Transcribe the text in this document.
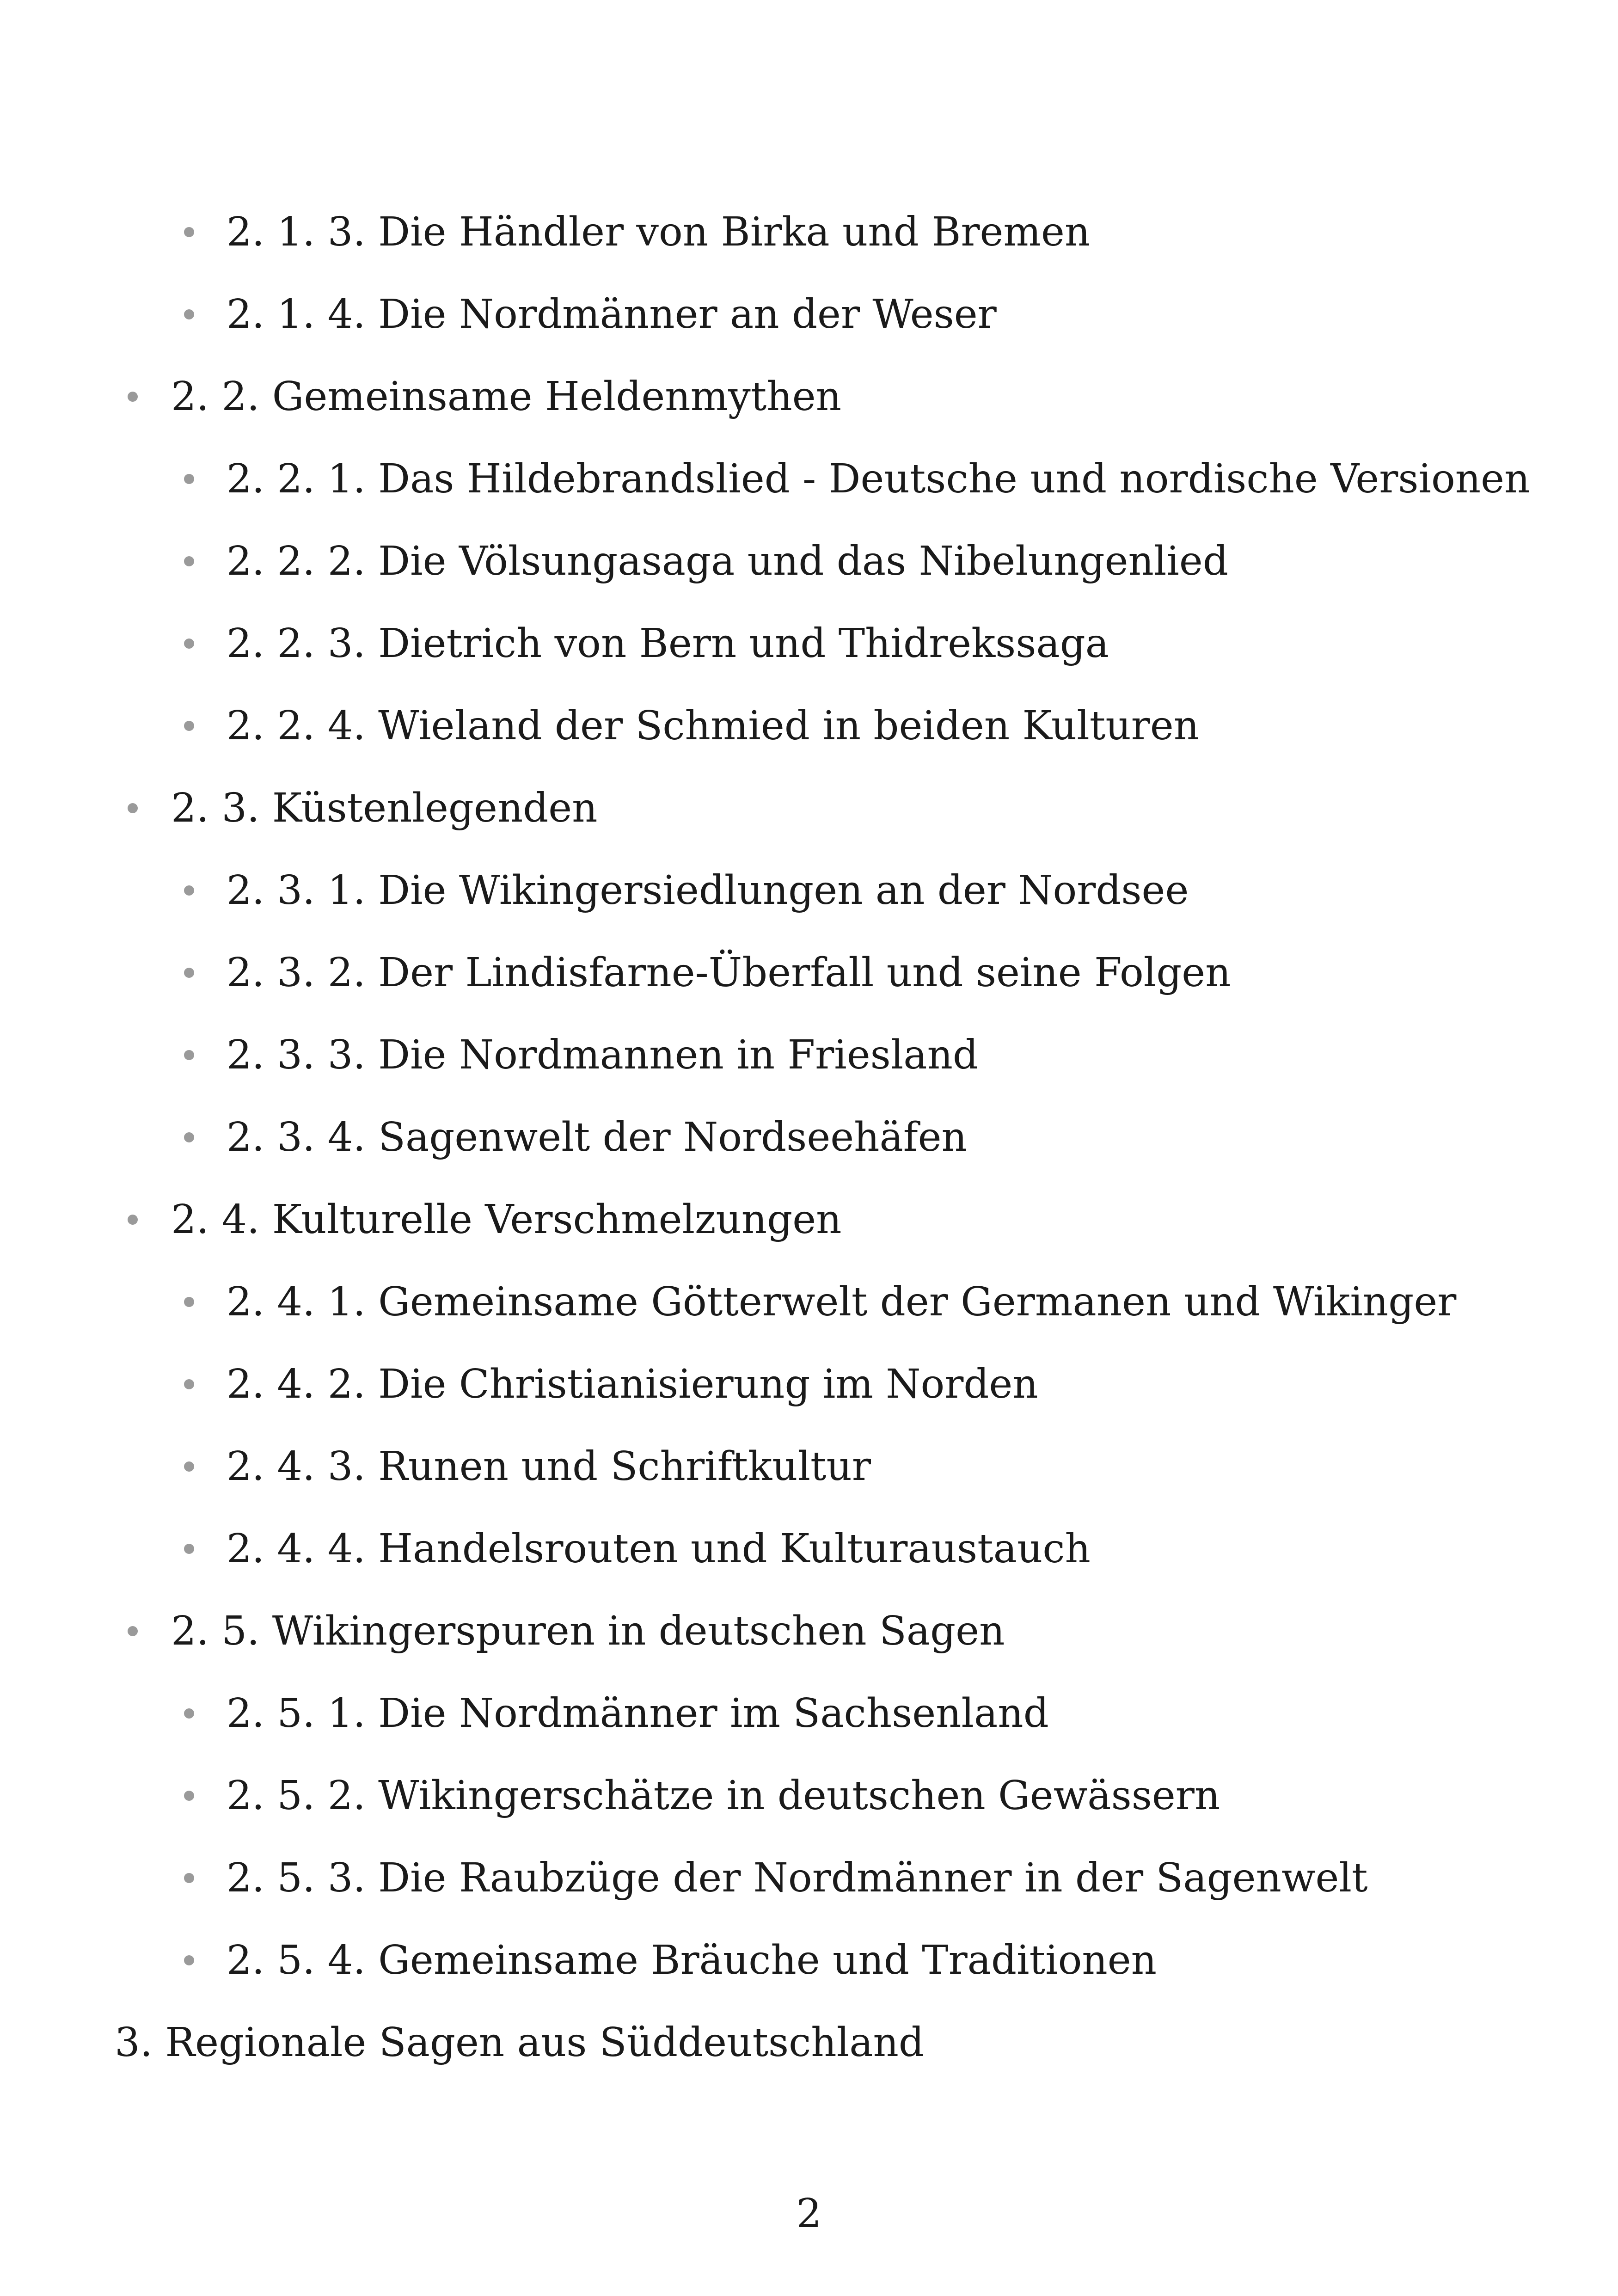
2. 1. 3. Die Händler von Birka und Bremen
2. 1. 4. Die Nordmänner an der Weser
2. 2. Gemeinsame Heldenmythen
2. 2. 1. Das Hildebrandslied - Deutsche und nordische Versionen
2. 2. 2. Die Völsungasaga und das Nibelungenlied
2. 2. 3. Dietrich von Bern und Thidrekssaga
2. 2. 4. Wieland der Schmied in beiden Kulturen
2. 3. Küstenlegenden
2. 3. 1. Die Wikingersiedlungen an der Nordsee
2. 3. 2. Der Lindisfarne-Überfall und seine Folgen
2. 3. 3. Die Nordmannen in Friesland
2. 3. 4. Sagenwelt der Nordseehäfen
2. 4. Kulturelle Verschmelzungen
2. 4. 1. Gemeinsame Götterwelt der Germanen und Wikinger
2. 4. 2. Die Christianisierung im Norden
2. 4. 3. Runen und Schriftkultur
2. 4. 4. Handelsrouten und Kulturaustauch
2. 5. Wikingerspuren in deutschen Sagen
2. 5. 1. Die Nordmänner im Sachsenland
2. 5. 2. Wikingerschätze in deutschen Gewässern
2. 5. 3. Die Raubzüge der Nordmänner in der Sagenwelt
2. 5. 4. Gemeinsame Bräuche und Traditionen
3. Regionale Sagen aus Süddeutschland
2
